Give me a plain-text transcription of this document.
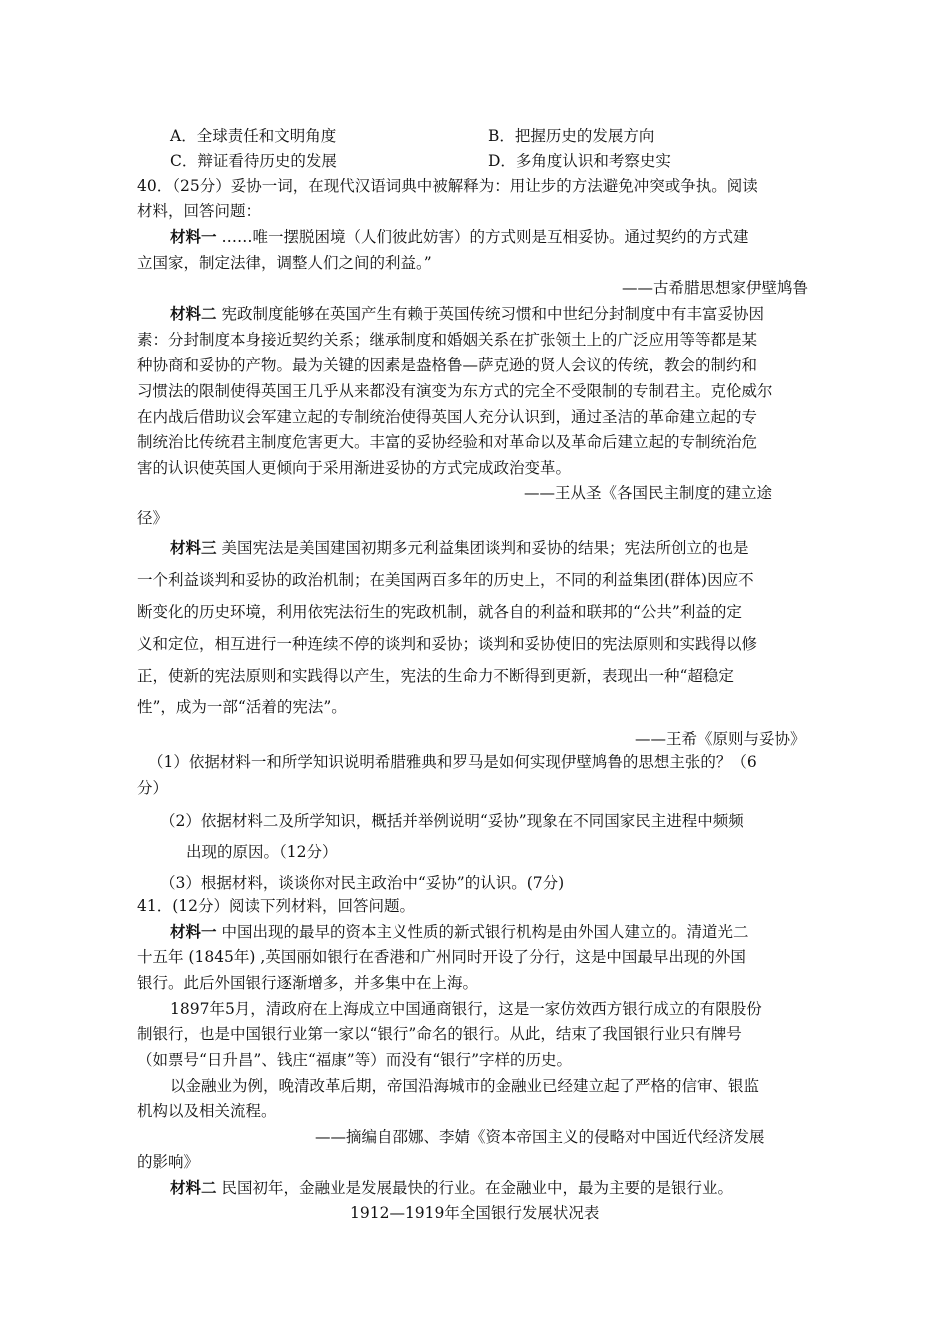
A．全球责任和文明角度	B．把握历史的发展方向
C．辩证看待历史的发展	D．多角度认识和考察史实
40．（25分）妥协一词，在现代汉语词典中被解释为：用让步的方法避免冲突或争执。阅读
材料，回答问题：
材料一 ……唯一摆脱困境（人们彼此妨害）的方式则是互相妥协。通过契约的方式建
立国家，制定法律，调整人们之间的利益。”
——古希腊思想家伊壁鸠鲁
材料二 宪政制度能够在英国产生有赖于英国传统习惯和中世纪分封制度中有丰富妥协因
素：分封制度本身接近契约关系；继承制度和婚姻关系在扩张领土上的广泛应用等等都是某
种协商和妥协的产物。最为关键的因素是盎格鲁—萨克逊的贤人会议的传统，教会的制约和
习惯法的限制使得英国王几乎从来都没有演变为东方式的完全不受限制的专制君主。克伦威尔
在内战后借助议会军建立起的专制统治使得英国人充分认识到，通过圣洁的革命建立起的专
制统治比传统君主制度危害更大。丰富的妥协经验和对革命以及革命后建立起的专制统治危
害的认识使英国人更倾向于采用渐进妥协的方式完成政治变革。
——王从圣《各国民主制度的建立途
径》
材料三 美国宪法是美国建国初期多元利益集团谈判和妥协的结果；宪法所创立的也是
一个利益谈判和妥协的政治机制；在美国两百多年的历史上，不同的利益集团(群体)因应不
断变化的历史环境，利用依宪法衍生的宪政机制，就各自的利益和联邦的“公共”利益的定
义和定位，相互进行一种连续不停的谈判和妥协；谈判和妥协使旧的宪法原则和实践得以修
正，使新的宪法原则和实践得以产生，宪法的生命力不断得到更新，表现出一种“超稳定
性”，成为一部“活着的宪法”。
——王希《原则与妥协》
（1）依据材料一和所学知识说明希腊雅典和罗马是如何实现伊壁鸠鲁的思想主张的？（6
分）
（2）依据材料二及所学知识，概括并举例说明“妥协”现象在不同国家民主进程中频频
出现的原因。（12分）
（3）根据材料，谈谈你对民主政治中“妥协”的认识。(7分)
41．(12分）阅读下列材料，回答问题。
材料一 中国出现的最早的资本主义性质的新式银行机构是由外国人建立的。清道光二
十五年 (1845年) ,英国丽如银行在香港和广州同时开设了分行，这是中国最早出现的外国
银行。此后外国银行逐渐增多，并多集中在上海。
1897年5月，清政府在上海成立中国通商银行，这是一家仿效西方银行成立的有限股份
制银行，也是中国银行业第一家以“银行”命名的银行。从此，结束了我国银行业只有牌号
（如票号“日升昌”、钱庄“福康”等）而没有“银行”字样的历史。
以金融业为例，晚清改革后期，帝国沿海城市的金融业已经建立起了严格的信审、银监
机构以及相关流程。
——摘编自邵娜、李婧《资本帝国主义的侵略对中国近代经济发展
的影响》
材料二 民国初年，金融业是发展最快的行业。在金融业中，最为主要的是银行业。
1912—1919年全国银行发展状况表
